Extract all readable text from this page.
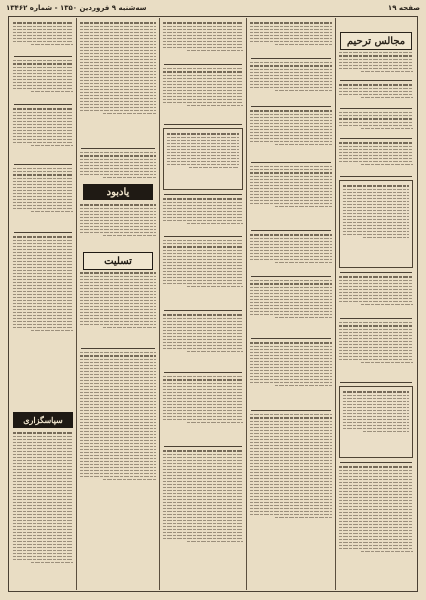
صفحه ۱۹
سه‌شنبه ۹ فروردین ۱۳۵۰ - شماره ۱۳۴۶۲
مجالس ترحیم
یادبود
تسلیت
سپاسگزاری
